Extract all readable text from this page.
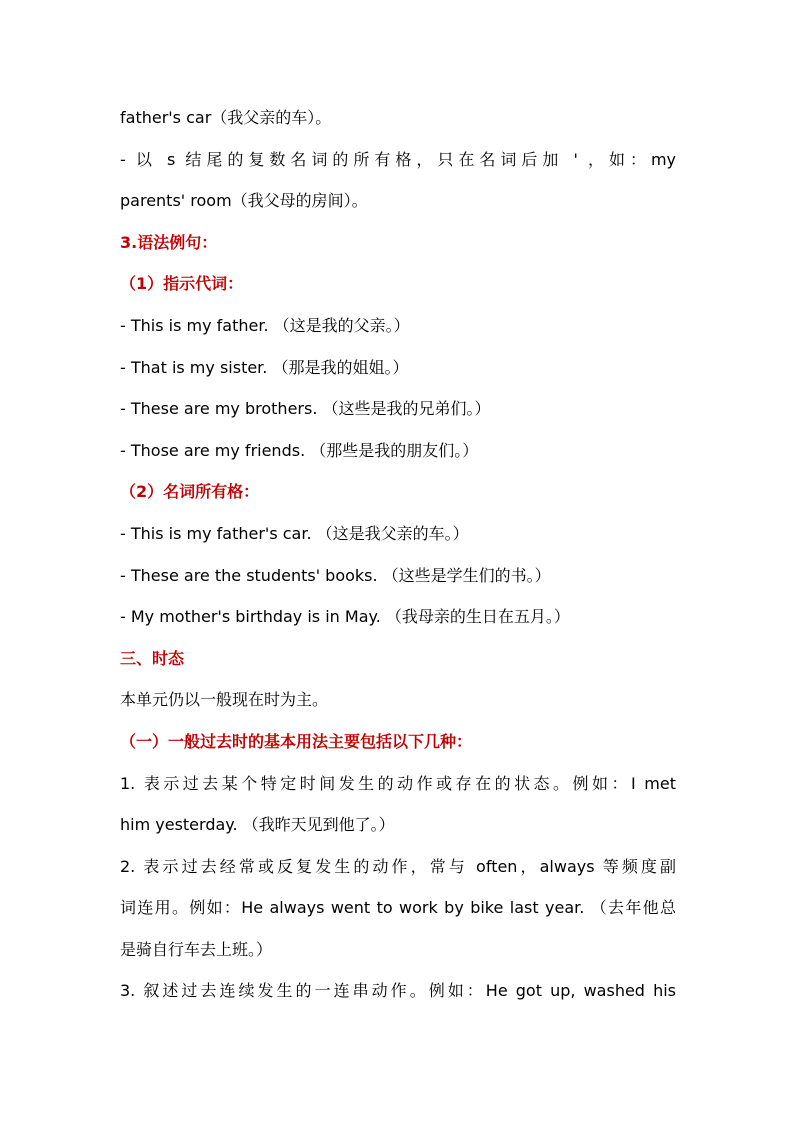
father's car（我父亲的车）。
- 以 s 结尾的复数名词的所有格，只在名词后加 ' ，如：my
parents' room（我父母的房间）。
3.语法例句：
（1）指示代词：
- This is my father. （这是我的父亲。）
- That is my sister. （那是我的姐姐。）
- These are my brothers. （这些是我的兄弟们。）
- Those are my friends. （那些是我的朋友们。）
（2）名词所有格：
- This is my father's car. （这是我父亲的车。）
- These are the students' books. （这些是学生们的书。）
- My mother's birthday is in May. （我母亲的生日在五月。）
三、时态
本单元仍以一般现在时为主。
（一）一般过去时的基本用法主要包括以下几种：
1. 表示过去某个特定时间发生的动作或存在的状态。例如：I met
him yesterday. （我昨天见到他了。）
2. 表示过去经常或反复发生的动作，常与 often，always 等频度副
词连用。例如：He always went to work by bike last year. （去年他总
是骑自行车去上班。）
3. 叙述过去连续发生的一连串动作。例如：He got up, washed his
